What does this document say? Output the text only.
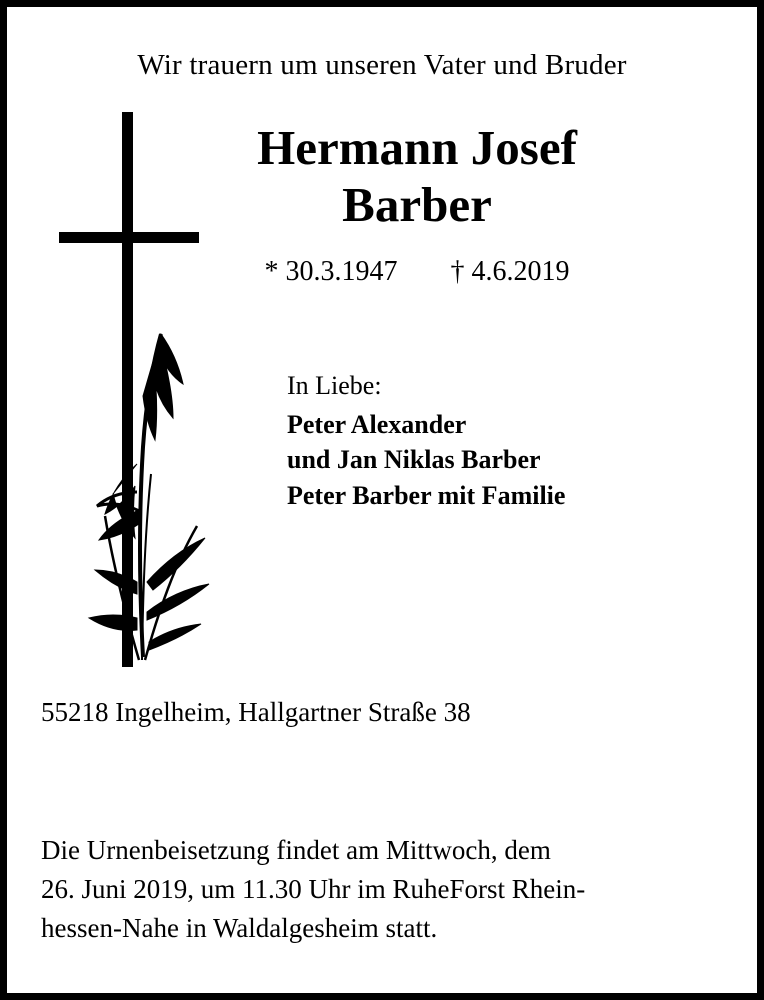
Wir trauern um unseren Vater und Bruder
Hermann Josef
Barber
* 30.3.1947 † 4.6.2019
In Liebe:
Peter Alexander
und Jan Niklas Barber
Peter Barber mit Familie
55218 Ingelheim, Hallgartner Straße 38
Die Urnenbeisetzung findet am Mittwoch, dem
26. Juni 2019, um 11.30 Uhr im RuheForst Rhein-
hessen-Nahe in Waldalgesheim statt.
